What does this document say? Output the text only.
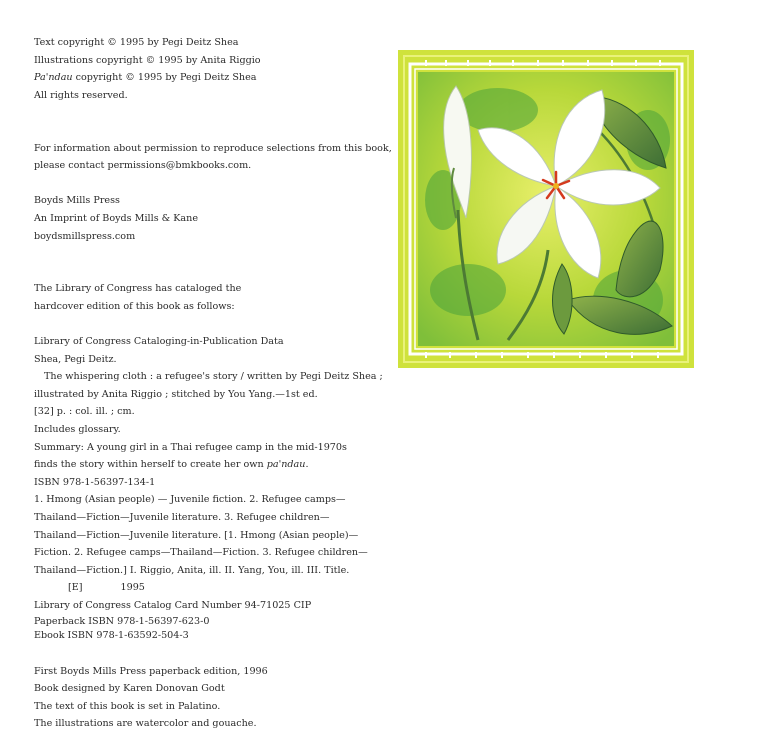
Text copyright © 1995 by Pegi Deitz Shea
Illustrations copyright © 1995 by Anita Riggio
Pa'ndau copyright © 1995 by Pegi Deitz Shea
All rights reserved.
For information about permission to reproduce selections from this book,
please contact permissions@bmkbooks.com.
Boyds Mills Press
An Imprint of Boyds Mills & Kane
boydsmillspress.com
The Library of Congress has cataloged the
hardcover edition of this book as follows:
Library of Congress Cataloging-in-Publication Data
Shea, Pegi Deitz.
The whispering cloth : a refugee's story / written by Pegi Deitz Shea ;
illustrated by Anita Riggio ; stitched by You Yang.—1st ed.
[32] p. : col. ill. ; cm.
Includes glossary.
Summary: A young girl in a Thai refugee camp in the mid-1970s
finds the story within herself to create her own pa'ndau.
ISBN 978-1-56397-134-1
1. Hmong (Asian people) — Juvenile fiction. 2. Refugee camps—
Thailand—Fiction—Juvenile literature. 3. Refugee children—
Thailand—Fiction—Juvenile literature. [1. Hmong (Asian people)—
Fiction. 2. Refugee camps—Thailand—Fiction. 3. Refugee children—
Thailand—Fiction.] I. Riggio, Anita, ill. II. Yang, You, ill. III. Title.
[E]	1995
Library of Congress Catalog Card Number 94-71025 CIP
Paperback ISBN 978-1-56397-623-0
Ebook ISBN 978-1-63592-504-3
First Boyds Mills Press paperback edition, 1996
Book designed by Karen Donovan Godt
The text of this book is set in Palatino.
The illustrations are watercolor and gouache.
